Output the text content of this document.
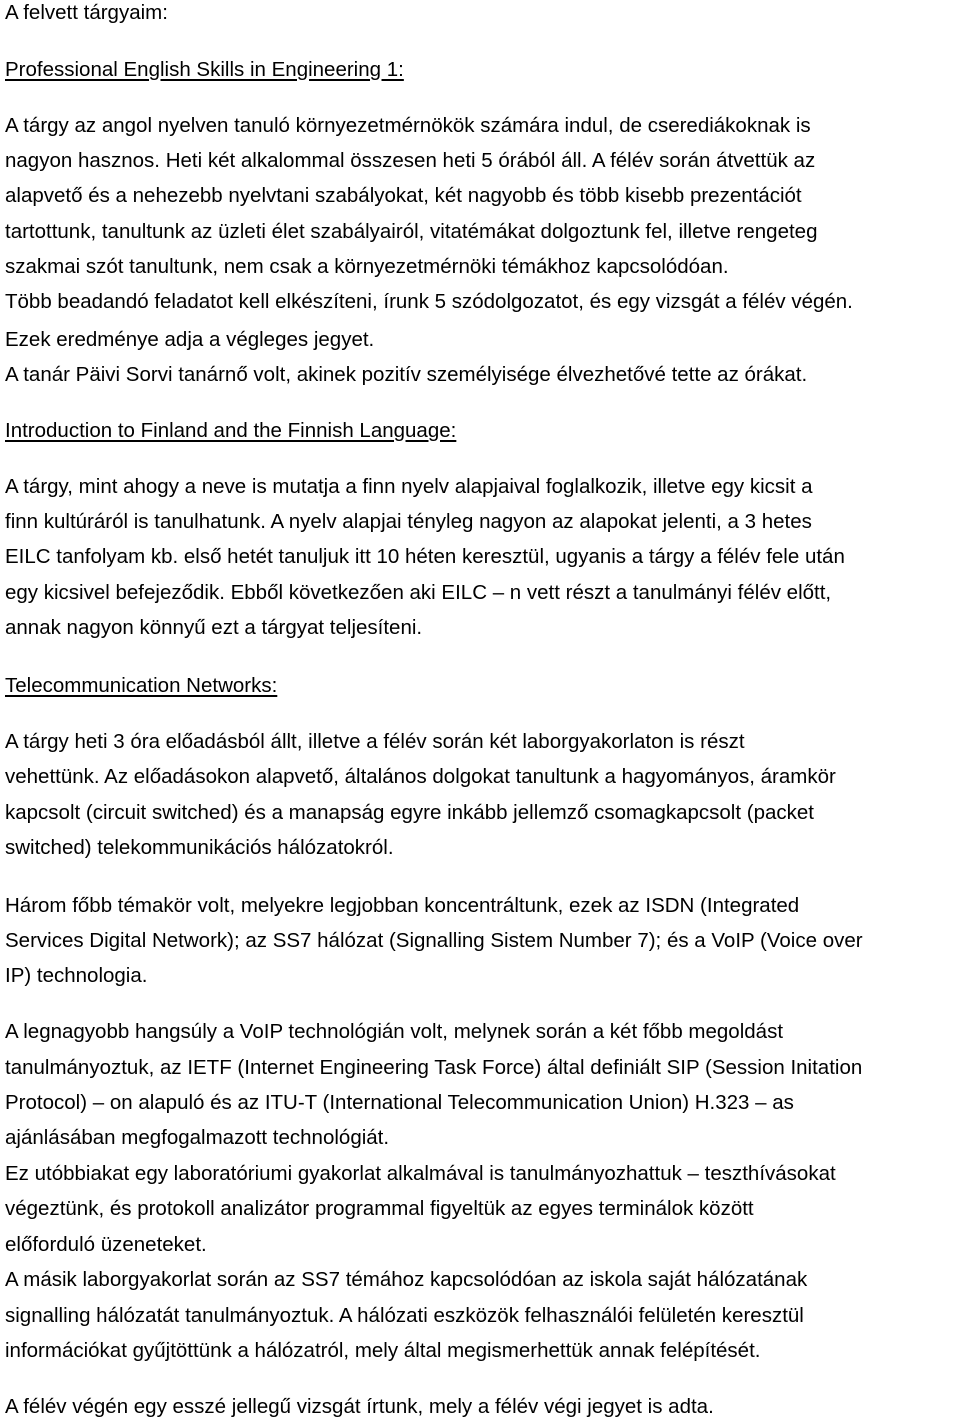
A felvett tárgyaim:
Professional English Skills in Engineering 1:
A tárgy az angol nyelven tanuló környezetmérnökök számára indul, de cserediákoknak is
nagyon hasznos. Heti két alkalommal összesen heti 5 órából áll. A félév során átvettük az
alapvető és a nehezebb nyelvtani szabályokat, két nagyobb és több kisebb prezentációt
tartottunk, tanultunk az üzleti élet szabályairól, vitatémákat dolgoztunk fel, illetve rengeteg
szakmai szót tanultunk, nem csak a környezetmérnöki témákhoz kapcsolódóan.
Több beadandó feladatot kell elkészíteni, írunk 5 szódolgozatot, és egy vizsgát a félév végén.
Ezek eredménye adja a végleges jegyet.
A tanár Päivi Sorvi tanárnő volt, akinek pozitív személyisége élvezhetővé tette az órákat.
Introduction to Finland and the Finnish Language:
A tárgy, mint ahogy a neve is mutatja a finn nyelv alapjaival foglalkozik, illetve egy kicsit a
finn kultúráról is tanulhatunk. A nyelv alapjai tényleg nagyon az alapokat jelenti, a 3 hetes
EILC tanfolyam kb. első hetét tanuljuk itt 10 héten keresztül, ugyanis a tárgy a félév fele után
egy kicsivel befejeződik. Ebből következően aki EILC – n vett részt a tanulmányi félév előtt,
annak nagyon könnyű ezt a tárgyat teljesíteni.
Telecommunication Networks:
A tárgy heti 3 óra előadásból állt, illetve a félév során két laborgyakorlaton is részt
vehettünk. Az előadásokon alapvető, általános dolgokat tanultunk a hagyományos, áramkör
kapcsolt (circuit switched) és a manapság egyre inkább jellemző csomagkapcsolt (packet
switched) telekommunikációs hálózatokról.
Három főbb témakör volt, melyekre legjobban koncentráltunk, ezek az ISDN (Integrated
Services Digital Network); az SS7 hálózat (Signalling Sistem Number 7); és a VoIP (Voice over
IP) technologia.
A legnagyobb hangsúly a VoIP technológián volt, melynek során a két főbb megoldást
tanulmányoztuk, az IETF (Internet Engineering Task Force) által definiált SIP (Session Initation
Protocol) – on alapuló és az ITU-T (International Telecommunication Union) H.323 – as
ajánlásában megfogalmazott technológiát.
Ez utóbbiakat egy laboratóriumi gyakorlat alkalmával is tanulmányozhattuk – teszthívásokat
végeztünk, és protokoll analizátor programmal figyeltük az egyes terminálok között
előforduló üzeneteket.
A másik laborgyakorlat során az SS7 témához kapcsolódóan az iskola saját hálózatának
signalling hálózatát tanulmányoztuk. A hálózati eszközök felhasználói felületén keresztül
információkat gyűjtöttünk a hálózatról, mely által megismerhettük annak felépítését.
A félév végén egy esszé jellegű vizsgát írtunk, mely a félév végi jegyet is adta.
